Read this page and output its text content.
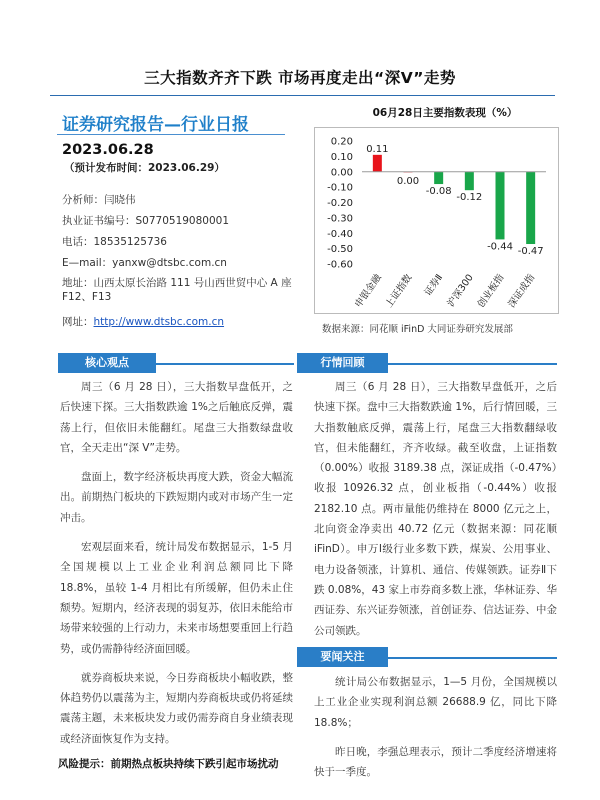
三大指数齐齐下跌 市场再度走出“深V”走势
证券研究报告—行业日报
2023.06.28
（预计发布时间：2023.06.29）
分析师：闫晓伟
执业证书编号：S0770519080001
电话：18535125736
E—mail：yanxw@dtsbc.com.cn
地址：山西太原长治路 111 号山西世贸中心 A 座 F12、F13
网址：http://www.dtsbc.com.cn
06月28日主要指数表现（%）
0.20
0.10
0.00
-0.10
-0.20
-0.30
-0.40
-0.50
-0.60
0.11
0.00
-0.08
-0.12
-0.44 -0.47
申银金融 上证指数 证券Ⅱ 沪深300 创业板指 深证成指
数据来源：同花顺 iFinD 大同证券研究发展部
核心观点

周三（6 月 28 日），三大指数早盘低开，之后快速下探。三大指数跌逾 1%之后触底反弹，震荡上行，但依旧未能翻红。尾盘三大指数绿盘收官，全天走出“深 V”走势。

盘面上，数字经济板块再度大跌，资金大幅流出。前期热门板块的下跌短期内或对市场产生一定冲击。

宏观层面来看，统计局发布数据显示，1-5 月全国规模以上工业企业利润总额同比下降 18.8%，虽较 1-4 月相比有所缓解，但仍未止住颓势。短期内，经济表现的弱复苏，依旧未能给市场带来较强的上行动力，未来市场想要重回上行趋势，或仍需静待经济面回暖。

就券商板块来说，今日券商板块小幅收跌，整体趋势仍以震荡为主，短期内券商板块或仍将延续震荡主题，未来板块发力或仍需券商自身业绩表现或经济面恢复作为支持。

行情回顾

周三（6 月 28 日），三大指数早盘低开，之后快速下探。盘中三大指数跌逾 1%，后行情回暖，三大指数触底反弹，震荡上行，尾盘三大指数翻绿收官，但未能翻红，齐齐收绿。截至收盘，上证指数（0.00%）收报 3189.38 点，深证成指（-0.47%）收报 10926.32 点，创业板指（-0.44%）收报 2182.10 点。两市量能仍维持在 8000 亿元之上，北向资金净卖出 40.72 亿元（数据来源：同花顺 iFinD）。申万Ⅰ级行业多数下跌，煤炭、公用事业、电力设备领涨，计算机、通信、传媒领跌。证券Ⅱ下跌 0.08%，43 家上市券商多数上涨，华林证券、华西证券、东兴证券领涨，首创证券、信达证券、中金公司领跌。

要闻关注

统计局公布数据显示，1—5 月份，全国规模以上工业企业实现利润总额 26688.9 亿，同比下降 18.8%；

昨日晚，李强总理表示，预计二季度经济增速将快于一季度。

风险提示：前期热点板块持续下跌引起市场扰动
